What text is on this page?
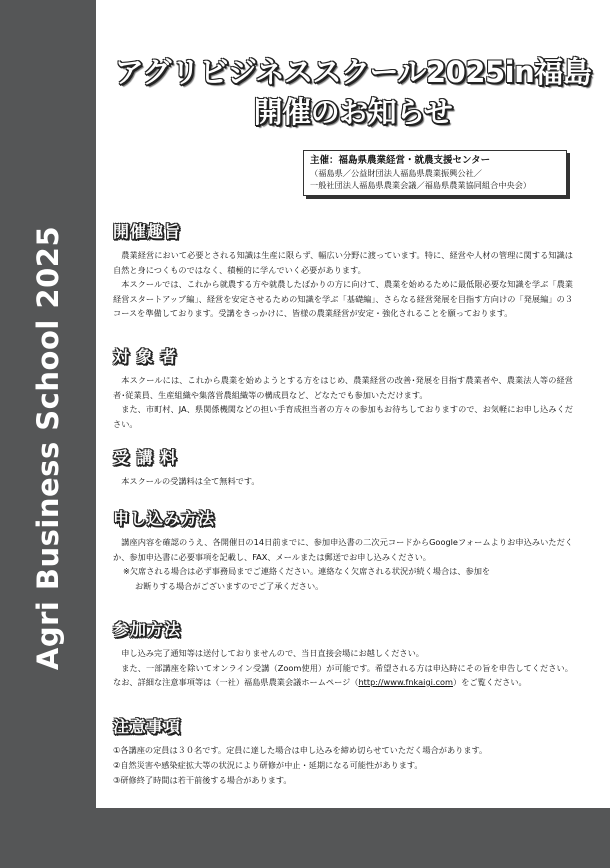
Agri Business School 2025
アグリビジネススクール2025in福島
開催のお知らせ
主催：福島県農業経営・就農支援センター
（福島県／公益財団法人福島県農業振興公社／
一般社団法人福島県農業会議／福島県農業協同組合中央会）
開催趣旨

　農業経営において必要とされる知識は生産に限らず、幅広い分野に渡っています。特に、経営や人材の管理に関する知識は自然と身につくものではなく、積極的に学んでいく必要があります。

　本スクールでは、これから就農する方や就農したばかりの方に向けて、農業を始めるために最低限必要な知識を学ぶ「農業経営スタートアップ編」、経営を安定させるための知識を学ぶ「基礎編」、さらなる経営発展を目指す方向けの「発展編」の３コースを準備しております。受講をきっかけに、皆様の農業経営が安定・強化されることを願っております。

対 象 者

　本スクールには、これから農業を始めようとする方をはじめ、農業経営の改善･発展を目指す農業者や、農業法人等の経営者･従業員、生産組織や集落営農組織等の構成員など、どなたでも参加いただけます。

　また、市町村、JA、県関係機関などの担い手育成担当者の方々の参加もお待ちしておりますので、お気軽にお申し込みください。

受 講 料

　本スクールの受講料は全て無料です。

申し込み方法

　講座内容を確認のうえ、各開催日の14日前までに、参加申込書の二次元コードからGoogleフォームよりお申込みいただくか、参加申込書に必要事項を記載し、FAX、メールまたは郵送でお申し込みください。

※欠席される場合は必ず事務局までご連絡ください。連絡なく欠席される状況が続く場合は、参加を
お断りする場合がございますのでご了承ください。

参加方法

　申し込み完了通知等は送付しておりませんので、当日直接会場にお越しください。

　また、一部講座を除いてオンライン受講（Zoom使用）が可能です。希望される方は申込時にその旨を申告してください。なお、詳細な注意事項等は（一社）福島県農業会議ホームページ（http://www.fnkaigi.com）をご覧ください。

注意事項

①各講座の定員は３０名です。定員に達した場合は申し込みを締め切らせていただく場合があります。

②自然災害や感染症拡大等の状況により研修が中止・延期になる可能性があります。

③研修終了時間は若干前後する場合があります。
